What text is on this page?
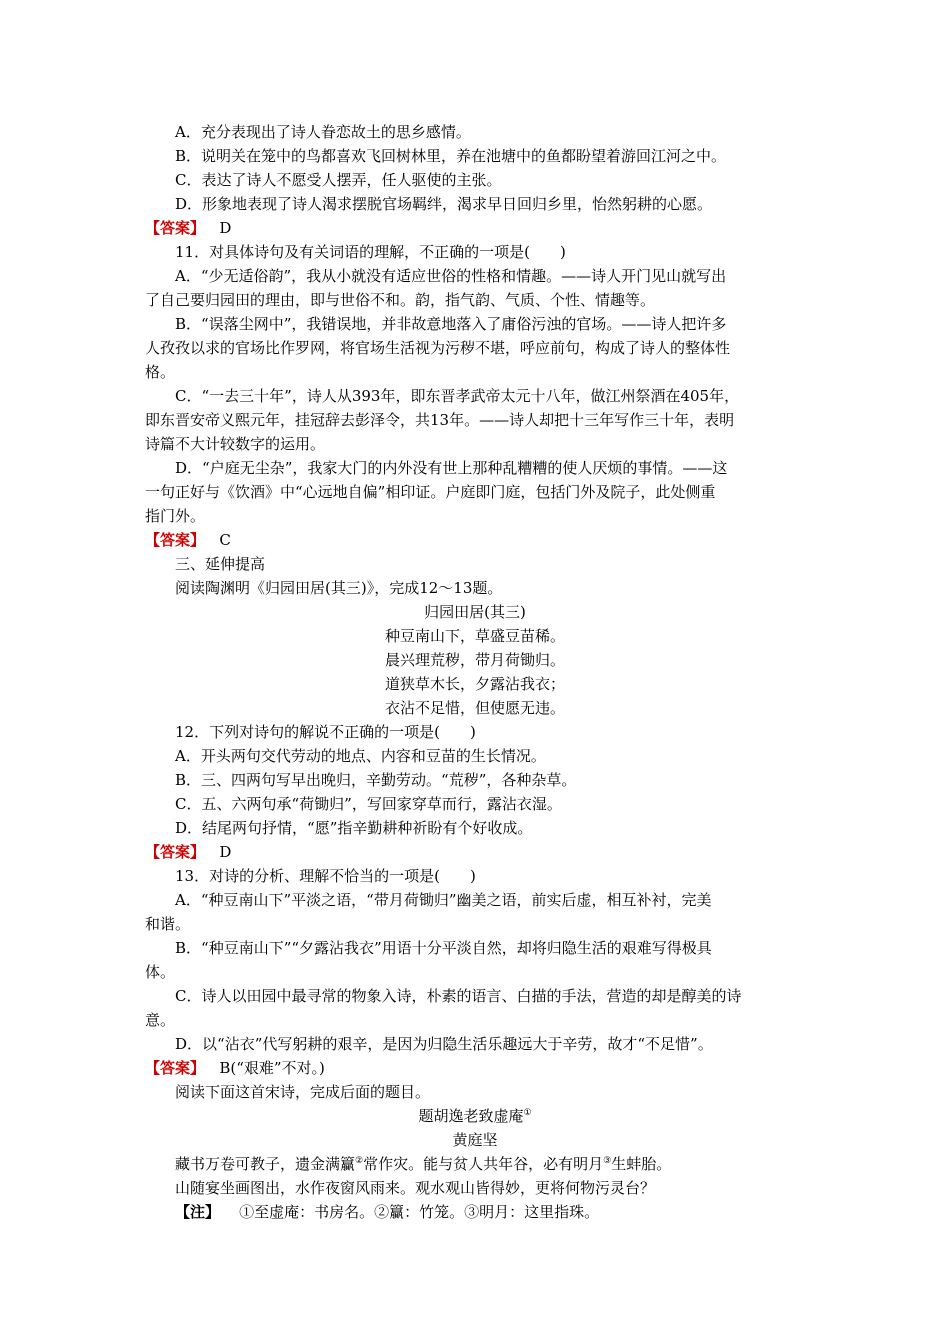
A．充分表现出了诗人眷恋故土的思乡感情。
B．说明关在笼中的鸟都喜欢飞回树林里，养在池塘中的鱼都盼望着游回江河之中。
C．表达了诗人不愿受人摆弄，任人驱使的主张。
D．形象地表现了诗人渴求摆脱官场羁绊，渴求早日回归乡里，怡然躬耕的心愿。
【答案】 D
11．对具体诗句及有关词语的理解，不正确的一项是(　　)
A．“少无适俗韵”，我从小就没有适应世俗的性格和情趣。——诗人开门见山就写出
了自己要归园田的理由，即与世俗不和。韵，指气韵、气质、个性、情趣等。
B．“误落尘网中”，我错误地，并非故意地落入了庸俗污浊的官场。——诗人把许多
人孜孜以求的官场比作罗网，将官场生活视为污秽不堪，呼应前句，构成了诗人的整体性
格。
C．“一去三十年”，诗人从393年，即东晋孝武帝太元十八年，做江州祭酒在405年，
即东晋安帝义熙元年，挂冠辞去彭泽令，共13年。——诗人却把十三年写作三十年，表明
诗篇不大计较数字的运用。
D．“户庭无尘杂”，我家大门的内外没有世上那种乱糟糟的使人厌烦的事情。——这
一句正好与《饮酒》中“心远地自偏”相印证。户庭即门庭，包括门外及院子，此处侧重
指门外。
【答案】 C
三、延伸提高
阅读陶渊明《归园田居(其三)》，完成12～13题。
归园田居(其三)
种豆南山下，草盛豆苗稀。
晨兴理荒秽，带月荷锄归。
道狭草木长，夕露沾我衣；
衣沾不足惜，但使愿无违。
12．下列对诗句的解说不正确的一项是(　　)
A．开头两句交代劳动的地点、内容和豆苗的生长情况。
B．三、四两句写早出晚归，辛勤劳动。“荒秽”，各种杂草。
C．五、六两句承“荷锄归”，写回家穿草而行，露沾衣湿。
D．结尾两句抒情，“愿”指辛勤耕种祈盼有个好收成。
【答案】 D
13．对诗的分析、理解不恰当的一项是(　　)
A．“种豆南山下”平淡之语，“带月荷锄归”幽美之语，前实后虚，相互补衬，完美
和谐。
B．“种豆南山下”“夕露沾我衣”用语十分平淡自然，却将归隐生活的艰难写得极具
体。
C．诗人以田园中最寻常的物象入诗，朴素的语言、白描的手法，营造的却是醇美的诗
意。
D．以“沾衣”代写躬耕的艰辛，是因为归隐生活乐趣远大于辛劳，故才“不足惜”。
【答案】 B(“艰难”不对。)
阅读下面这首宋诗，完成后面的题目。
题胡逸老致虚庵①
黄庭坚
藏书万卷可教子，遗金满籯②常作灾。能与贫人共年谷，必有明月③生蚌胎。
山随宴坐画图出，水作夜窗风雨来。观水观山皆得妙，更将何物污灵台？
【注】 ①至虚庵：书房名。②籯：竹笼。③明月：这里指珠。
